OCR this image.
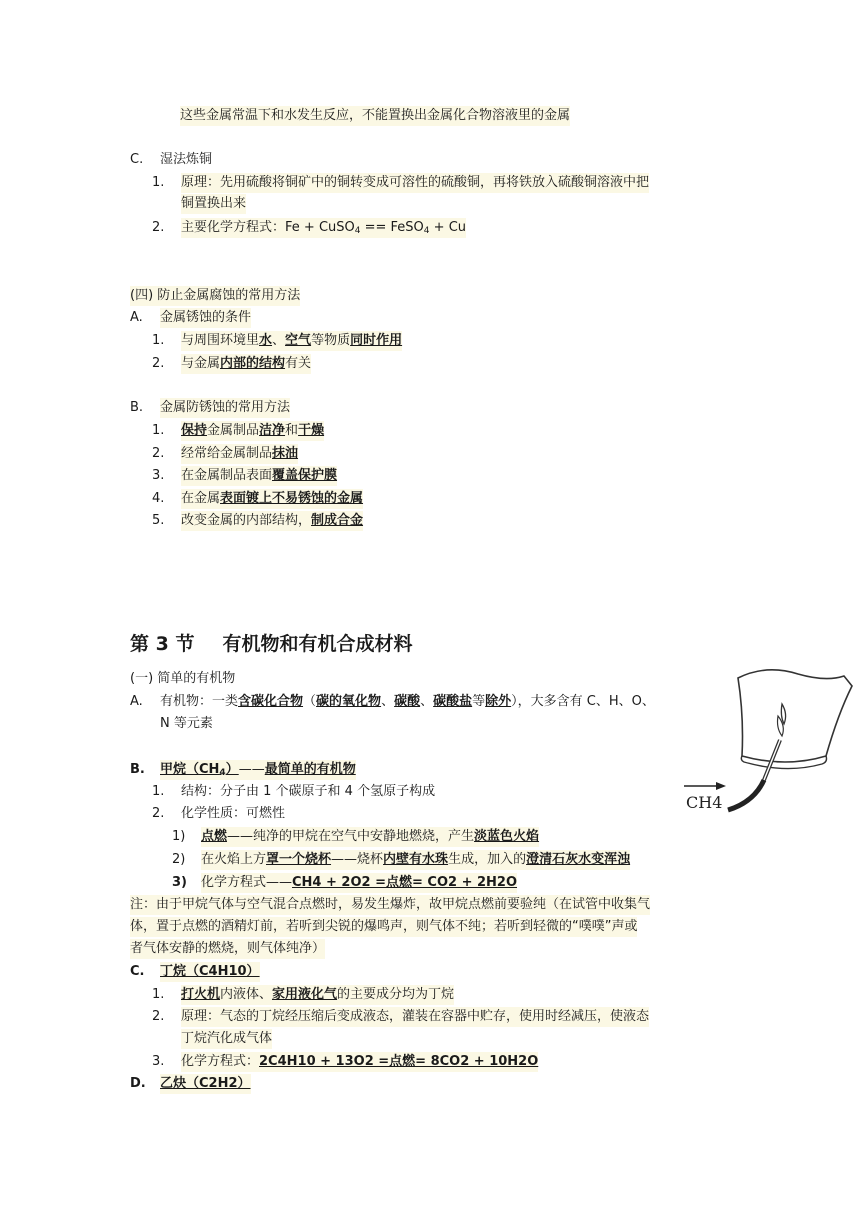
这些金属常温下和水发生反应，不能置换出金属化合物溶液里的金属
C. 湿法炼铜
1. 原理：先用硫酸将铜矿中的铜转变成可溶性的硫酸铜，再将铁放入硫酸铜溶液中把
铜置换出来
2. 主要化学方程式：Fe + CuSO$_4$ == FeSO$_4$ + Cu
(四) 防止金属腐蚀的常用方法
A. 金属锈蚀的条件
1. 与周围环境里水、空气等物质同时作用
2. 与金属内部的结构有关
B. 金属防锈蚀的常用方法
1. 保持金属制品洁净和干燥
2. 经常给金属制品抹油
3. 在金属制品表面覆盖保护膜
4. 在金属表面镀上不易锈蚀的金属
5. 改变金属的内部结构，制成合金
第 3 节 有机物和有机合成材料
(一) 简单的有机物
A. 有机物：一类含碳化合物（碳的氧化物、碳酸、碳酸盐等除外），大多含有 C、H、O、
N 等元素
B. 甲烷$(CH_4)——$最简单的有机物
1. 结构：分子由 1 个碳原子和 4 个氢原子构成
2. 化学性质：可燃性
1) 点燃——纯净的甲烷在空气中安静地燃烧，产生淡蓝色火焰
2) 在火焰上方罩一个烧杯——烧杯内壁有水珠生成，加入的澄清石灰水变浑浊
3) 化学方程式——CH4 + 2O2 =点燃= CO2 + 2H2O
注：由于甲烷气体与空气混合点燃时，易发生爆炸，故甲烷点燃前要验纯（在试管中收集气
体，置于点燃的酒精灯前，若听到尖锐的爆鸣声，则气体不纯；若听到轻微的“噗噗”声或
者气体安静的燃烧，则气体纯净）
C. 丁烷（C4H10）
1. 打火机内液体、家用液化气的主要成分均为丁烷
2. 原理：气态的丁烷经压缩后变成液态，灌装在容器中贮存，使用时经减压，使液态
丁烷汽化成气体
3. 化学方程式：2C4H10 + 13O2 =点燃= 8CO2 + 10H2O
D. 乙炔（C2H2）
CH4
